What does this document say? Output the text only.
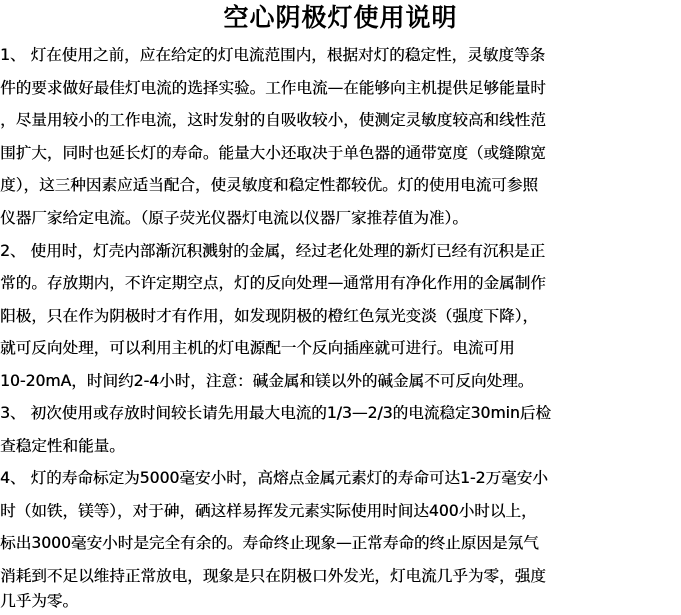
空心阴极灯使用说明
1、 灯在使用之前，应在给定的灯电流范围内，根据对灯的稳定性，灵敏度等条
件的要求做好最佳灯电流的选择实验。工作电流—在能够向主机提供足够能量时
，尽量用较小的工作电流，这时发射的自吸收较小，使测定灵敏度较高和线性范
围扩大，同时也延长灯的寿命。能量大小还取决于单色器的通带宽度（或缝隙宽
度），这三种因素应适当配合，使灵敏度和稳定性都较优。灯的使用电流可参照
仪器厂家给定电流。（原子荧光仪器灯电流以仪器厂家推荐值为准）。
2、 使用时，灯壳内部渐沉积溅射的金属，经过老化处理的新灯已经有沉积是正
常的。存放期内，不许定期空点，灯的反向处理—通常用有净化作用的金属制作
阳极，只在作为阴极时才有作用，如发现阴极的橙红色氖光变淡（强度下降），
就可反向处理，可以利用主机的灯电源配一个反向插座就可进行。电流可用
10-20mA，时间约2-4小时，注意：碱金属和镁以外的碱金属不可反向处理。
3、 初次使用或存放时间较长请先用最大电流的1/3—2/3的电流稳定30min后检
查稳定性和能量。
4、 灯的寿命标定为5000毫安小时，高熔点金属元素灯的寿命可达1-2万毫安小
时（如铁，镁等），对于砷，硒这样易挥发元素实际使用时间达400小时以上，
标出3000毫安小时是完全有余的。寿命终止现象—正常寿命的终止原因是氖气
消耗到不足以维持正常放电，现象是只在阴极口外发光，灯电流几乎为零，强度
几乎为零。
